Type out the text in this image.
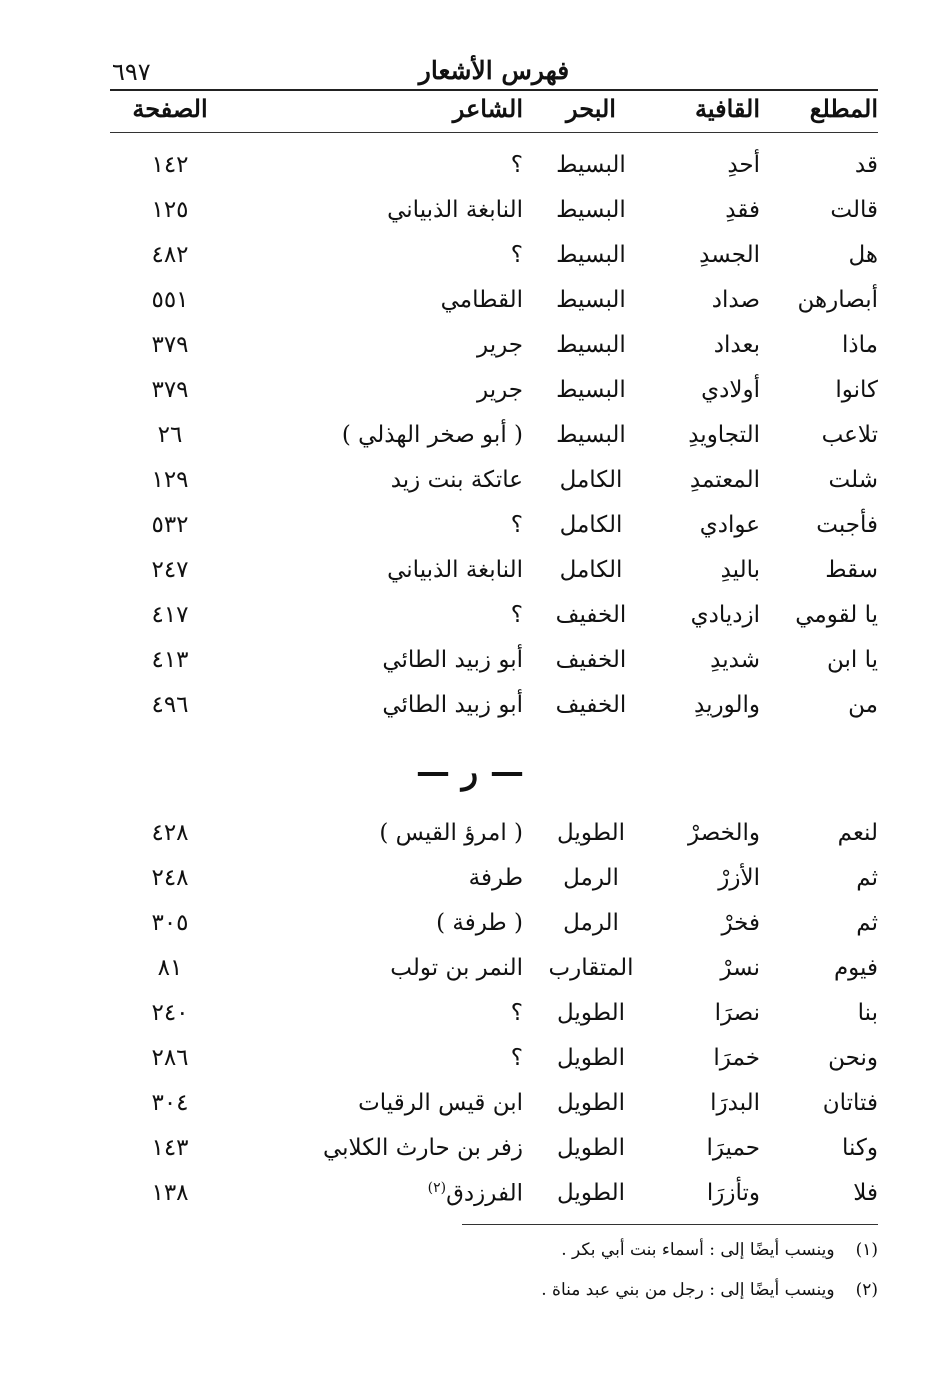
٦٩٧	فهرس الأشعار
المطلع
القافية
البحر
الشاعر
الصفحة
قد
أحدِ
البسيط
؟
١٤٢
قالت
فقدِ
البسيط
النابغة الذبياني
١٢٥
هل
الجسدِ
البسيط
؟
٤٨٢
أبصارهن
صداد
البسيط
القطامي
٥٥١
ماذا
بعداد
البسيط
جرير
٣٧٩
كانوا
أولادي
البسيط
جرير
٣٧٩
تلاعب
التجاويدِ
البسيط
( أبو صخر الهذلي )
٢٦
شلت
المعتمدِ
الكامل
عاتكة بنت زيد
١٢٩
فأجبت
عوادي
الكامل
؟
٥٣٢
سقط
باليدِ
الكامل
النابغة الذبياني
٢٤٧
يا لقومي
ازديادي
الخفيف
؟
٤١٧
يا ابن
شديدِ
الخفيف
أبو زبيد الطائي
٤١٣
من
والوريدِ
الخفيف
أبو زبيد الطائي
٤٩٦
— ر —
لنعم
والخصرْ
الطويل
( امرؤ القيس )
٤٢٨
ثم
الأزرْ
الرمل
طرفة
٢٤٨
ثم
فخرْ
الرمل
( طرفة )
٣٠٥
فيوم
نسرْ
المتقارب
النمر بن تولب
٨١
بنا
نصرَا
الطويل
؟
٢٤٠
ونحن
خمرَا
الطويل
؟
٢٨٦
فتاتان
البدرَا
الطويل
ابن قيس الرقيات
٣٠٤
وكنا
حميرَا
الطويل
زفر بن حارث الكلابي
١٤٣
فلا
وتأزرَا
الطويل
الفرزدق$^{(٢)}$
١٣٨
(١) وينسب أيضًا إلى : أسماء بنت أبي بكر .
(٢) وينسب أيضًا إلى : رجل من بني عبد مناة .
